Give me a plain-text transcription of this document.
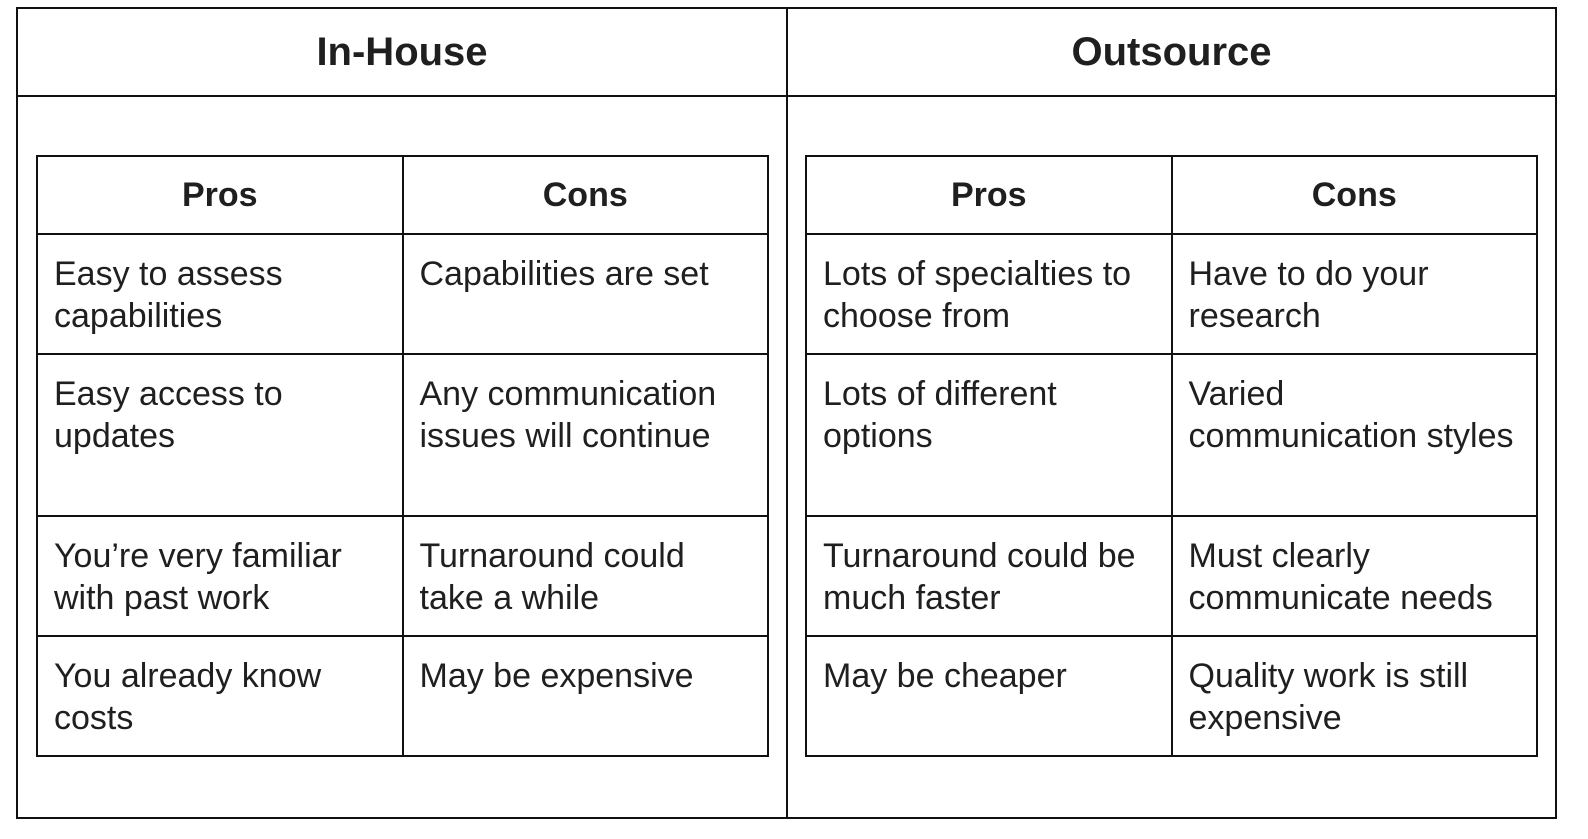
In-House	Outsource
Pros	Cons
Easy to assess capabilities	Capabilities are set
Easy access to updates	Any communication issues will continue
You’re very familiar with past work	Turnaround could take a while
You already know costs	May be expensive
Pros	Cons
Lots of specialties to choose from	Have to do your research
Lots of different options	Varied communication styles
Turnaround could be much faster	Must clearly communicate needs
May be cheaper	Quality work is still expensive
